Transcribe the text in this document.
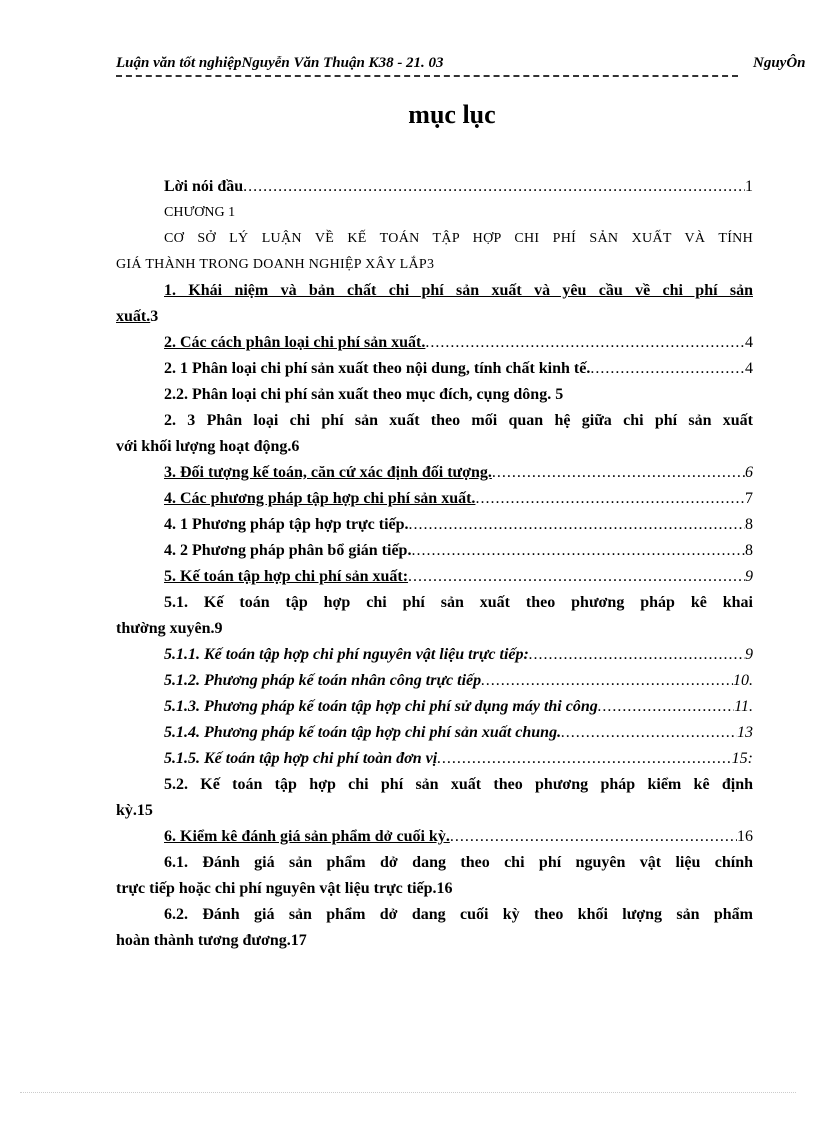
Luận văn tốt nghiệpNguyễn Văn Thuận K38 - 21. 03	NguyÔn
mục lục
Lời nói đầu .....	1
CHƯƠNG 1
CƠ SỞ LÝ LUẬN VỀ KẾ TOÁN TẬP HỢP CHI PHÍ SẢN XUẤT VÀ TÍNH
GIÁ THÀNH TRONG DOANH NGHIỆP XÂY LẮP 3
1. Khái niệm và bản chất chi phí sản xuất và yêu cầu về chi phí sản
xuất. 3
2. Các cách phân loại chi phí sản xuất. .....	4
2. 1 Phân loại chi phí sản xuất theo nội dung, tính chất kinh tế. .....	4
2.2. Phân loại chi phí sản xuất theo mục đích, cụng dông. 5
2. 3 Phân loại chi phí sản xuất theo mối quan hệ giữa chi phí sản xuất
với khối lượng hoạt động. 6
3. Đối tượng kế toán, căn cứ xác định đối tượng. .....	6
4. Các phương pháp tập hợp chi phí sản xuất. .....	7
4. 1 Phương pháp tập hợp trực tiếp. .....	8
4. 2 Phương pháp phân bổ gián tiếp. .....	8
5. Kế toán tập hợp chi phí sản xuất: .....	9
5.1. Kế toán tập hợp chi phí sản xuất theo phương pháp kê khai
thường xuyên. 9
5.1.1. Kế toán tập hợp chi phí nguyên vật liệu trực tiếp: .....	9
5.1.2. Phương pháp kế toán nhân công trực tiếp .....	10.
5.1.3. Phương pháp kế toán tập hợp chi phí sử dụng máy thi công .....	11.
5.1.4. Phương pháp kế toán tập hợp chi phí sản xuất chung. .....	13
5.1.5. Kế toán tập hợp chi phí toàn đơn vị .....	15:
5.2. Kế toán tập hợp chi phí sản xuất theo phương pháp kiểm kê định
kỳ. 15
6. Kiểm kê đánh giá sản phẩm dở cuối kỳ. .....	16
6.1. Đánh giá sản phẩm dở dang theo chi phí nguyên vật liệu chính
trực tiếp hoặc chi phí nguyên vật liệu trực tiếp. 16
6.2. Đánh giá sản phẩm dở dang cuối kỳ theo khối lượng sản phẩm
hoàn thành tương đương. 17
